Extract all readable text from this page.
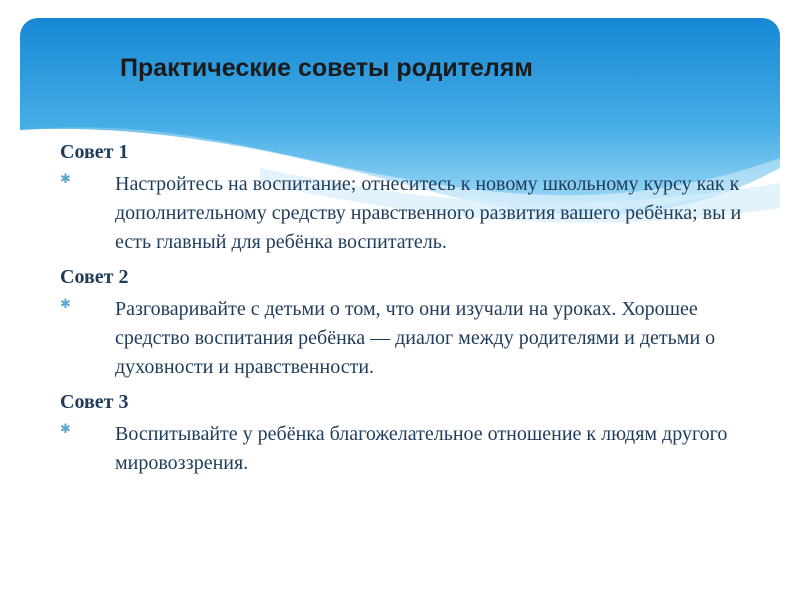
Практические советы родителям
Совет 1
✱ Настройтесь на воспитание; отнеситесь к новому школьному курсу как к дополнительному средству нравственного развития вашего ребёнка; вы и есть главный для ребёнка воспитатель.
Совет 2
✱ Разговаривайте с детьми о том, что они изучали на уроках. Хорошее средство воспитания ребёнка — диалог между родителями и детьми о духовности и нравственности.
Совет 3
✱ Воспитывайте у ребёнка благожелательное отношение к людям другого мировоззрения.
